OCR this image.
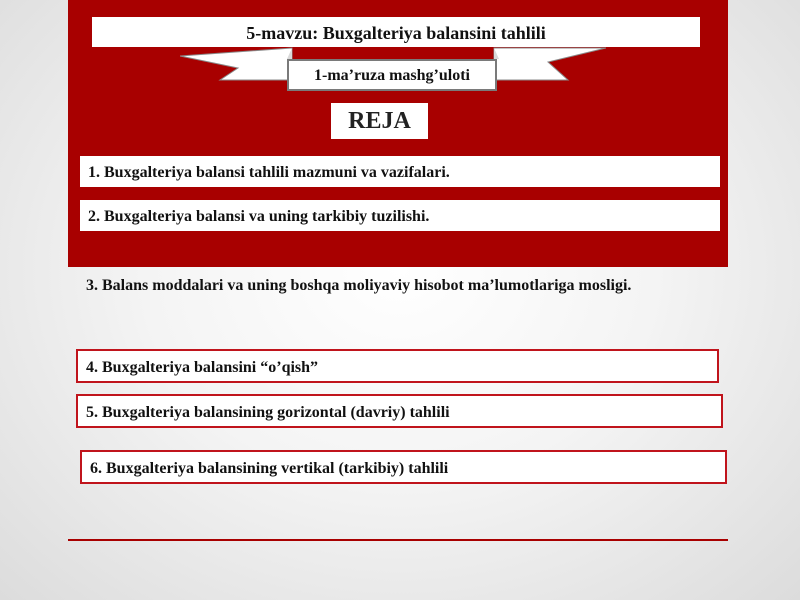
5-mavzu: Buxgalteriya balansini tahlili
1-ma’ruza mashg’uloti
REJA
1. Buxgalteriya balansi tahlili mazmuni va vazifalari.
2. Buxgalteriya balansi va uning tarkibiy tuzilishi.
3. Balans moddalari va uning boshqa moliyaviy hisobot ma’lumotlariga mosligi.
4. Buxgalteriya balansini “o’qish”
5. Buxgalteriya balansining gorizontal (davriy) tahlili
6. Buxgalteriya balansining vertikal (tarkibiy) tahlili
